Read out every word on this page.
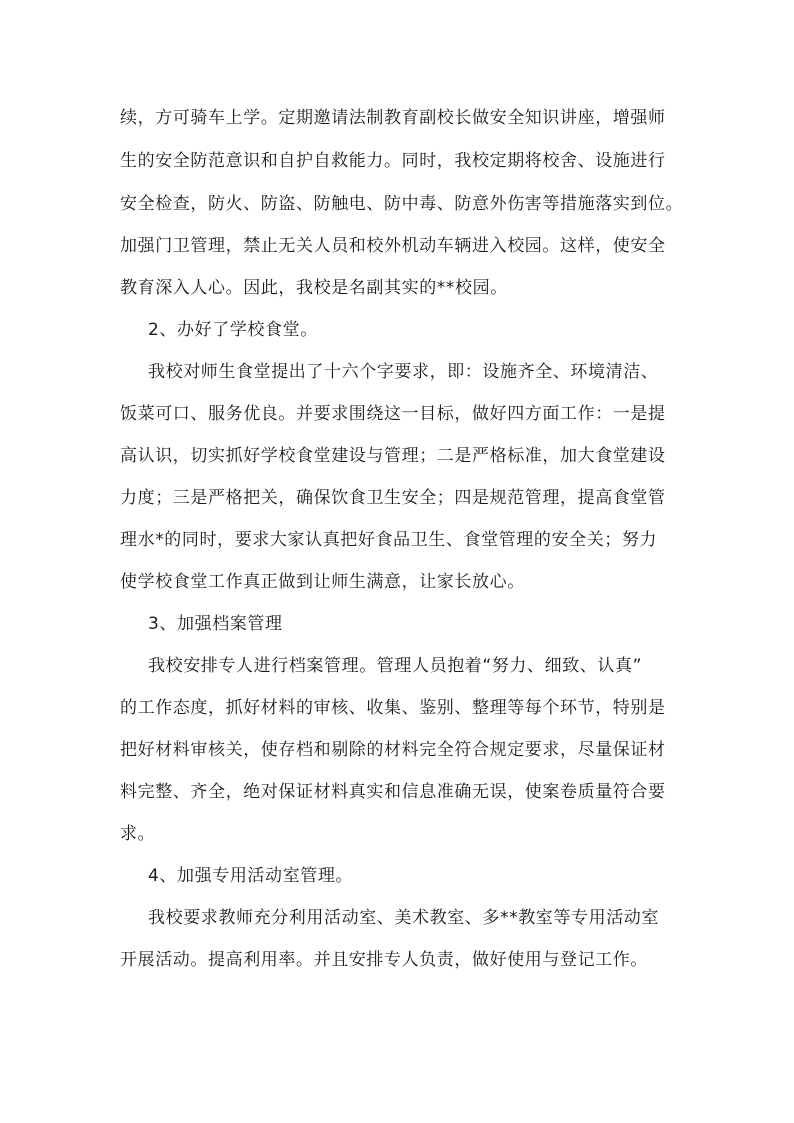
续，方可骑车上学。定期邀请法制教育副校长做安全知识讲座，增强师
生的安全防范意识和自护自救能力。同时，我校定期将校舍、设施进行
安全检查，防火、防盗、防触电、防中毒、防意外伤害等措施落实到位。
加强门卫管理，禁止无关人员和校外机动车辆进入校园。这样，使安全
教育深入人心。因此，我校是名副其实的**校园。
2、办好了学校食堂。
我校对师生食堂提出了十六个字要求，即：设施齐全、环境清洁、
饭菜可口、服务优良。并要求围绕这一目标，做好四方面工作：一是提
高认识，切实抓好学校食堂建设与管理；二是严格标准，加大食堂建设
力度；三是严格把关，确保饮食卫生安全；四是规范管理，提高食堂管
理水*的同时，要求大家认真把好食品卫生、食堂管理的安全关；努力
使学校食堂工作真正做到让师生满意，让家长放心。
3、加强档案管理
我校安排专人进行档案管理。管理人员抱着“努力、细致、认真”
的工作态度，抓好材料的审核、收集、鉴别、整理等每个环节，特别是
把好材料审核关，使存档和剔除的材料完全符合规定要求，尽量保证材
料完整、齐全，绝对保证材料真实和信息准确无误，使案卷质量符合要
求。
4、加强专用活动室管理。
我校要求教师充分利用活动室、美术教室、多**教室等专用活动室
开展活动。提高利用率。并且安排专人负责，做好使用与登记工作。
